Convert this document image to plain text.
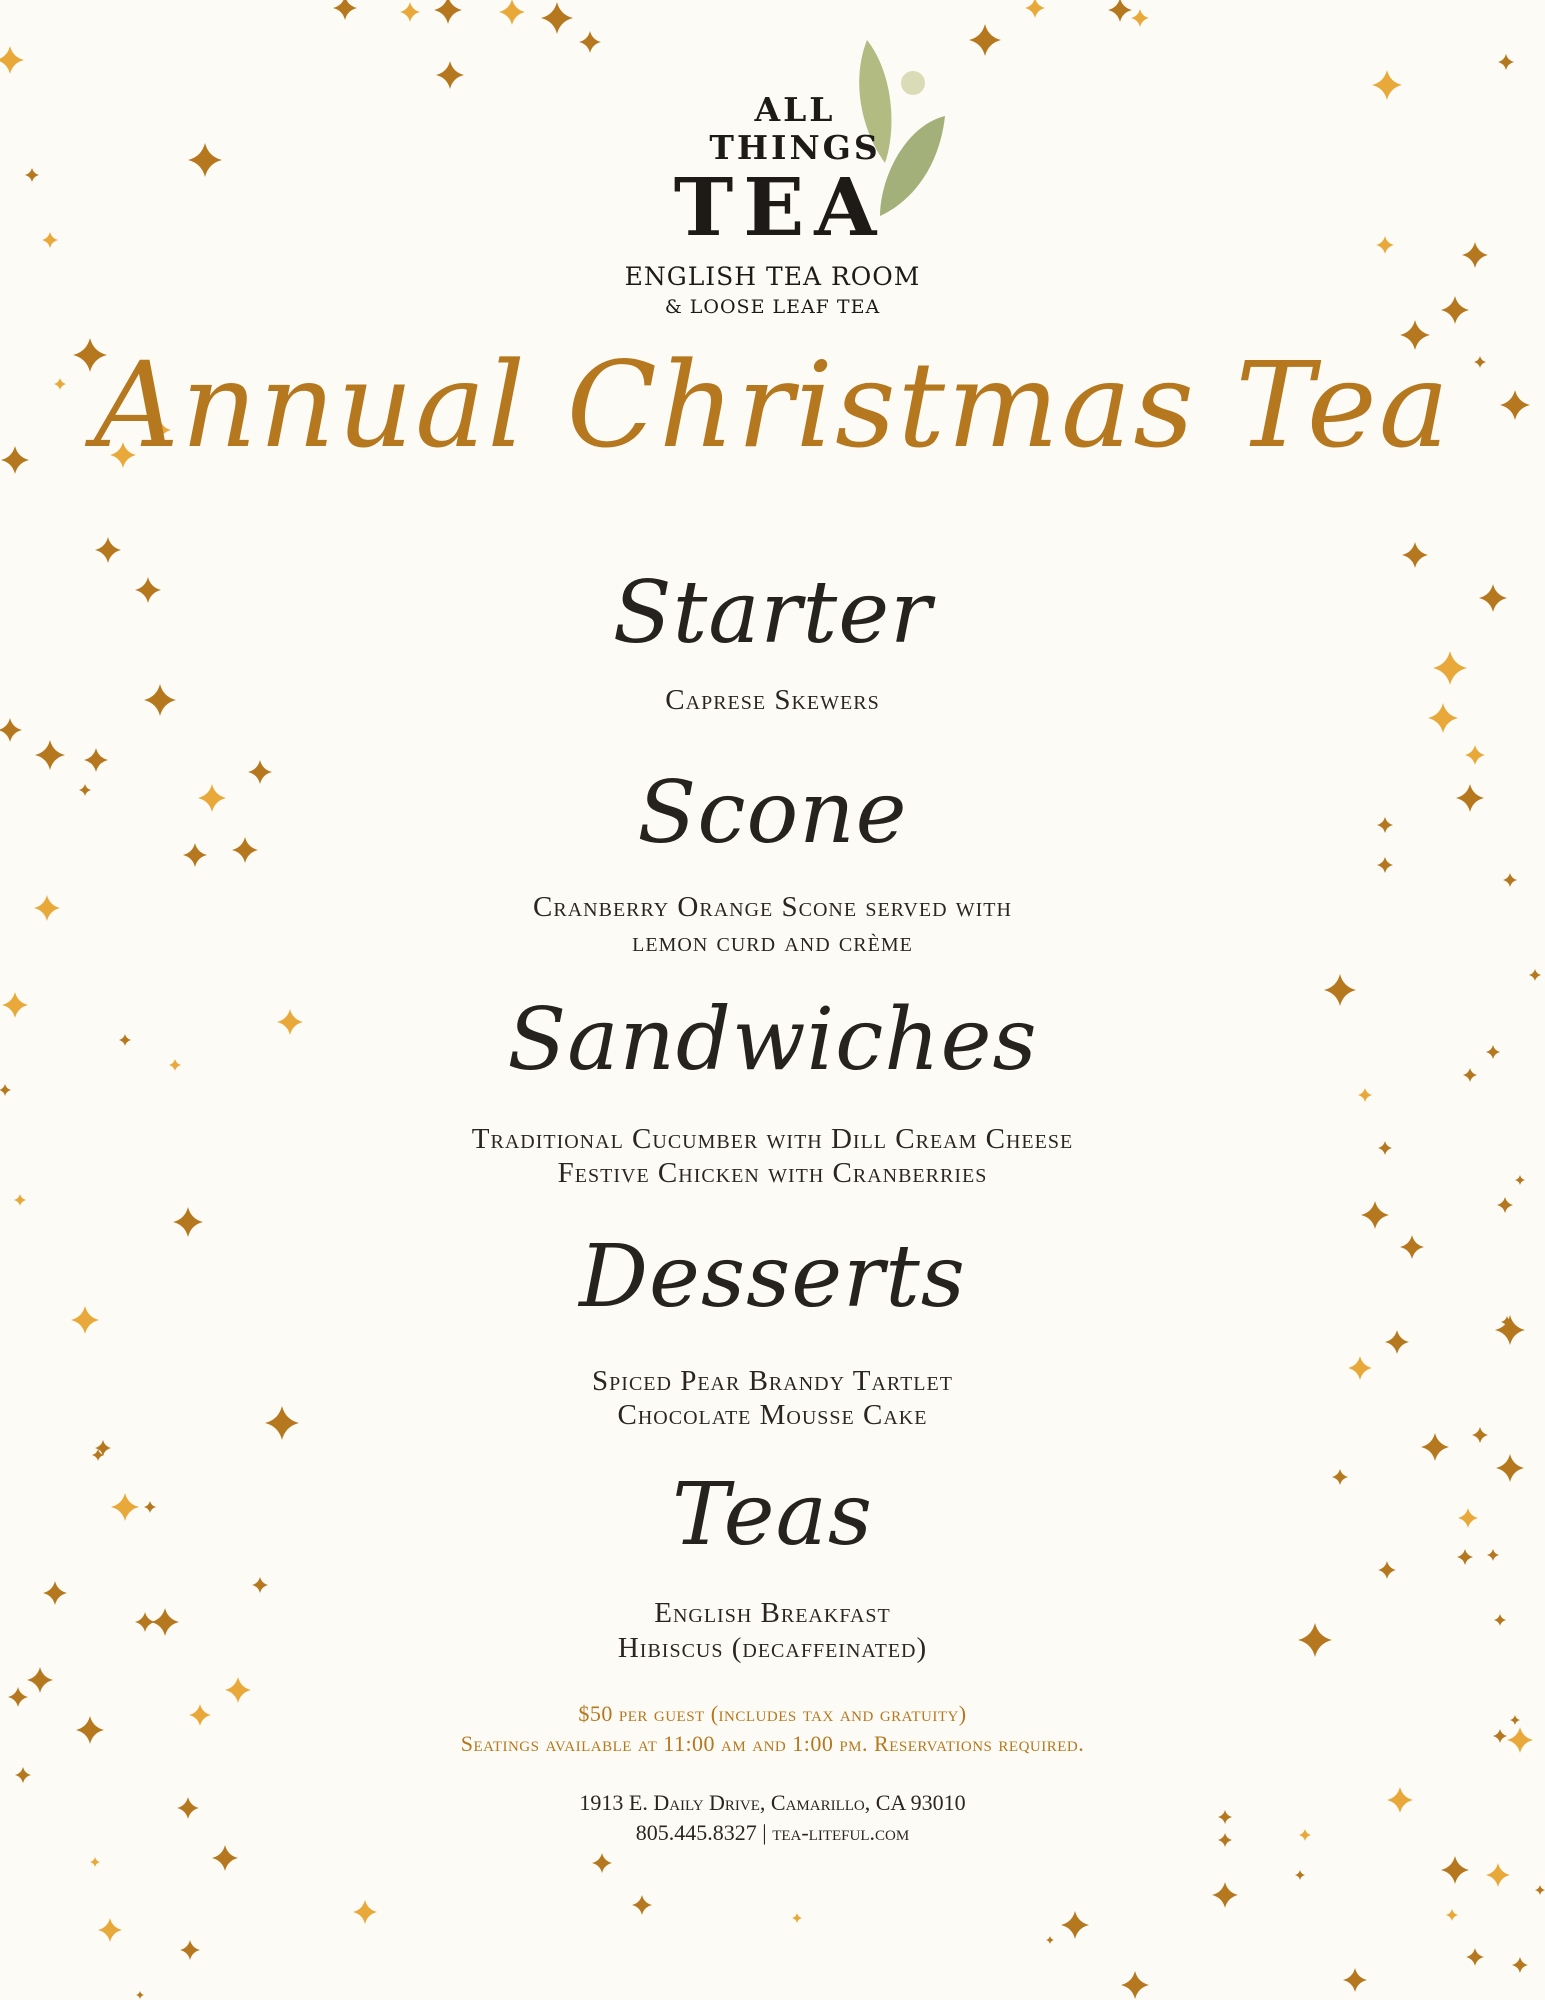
ALL
THINGS
TEA
ENGLISH TEA ROOM
& LOOSE LEAF TEA
Annual Christmas Tea
Starter
Caprese Skewers
Scone
Cranberry Orange Scone served with
lemon curd and crème
Sandwiches
Traditional Cucumber with Dill Cream Cheese
Festive Chicken with Cranberries
Desserts
Spiced Pear Brandy Tartlet
Chocolate Mousse Cake
Teas
English Breakfast
Hibiscus (decaffeinated)
$50 per guest (includes tax and gratuity)
Seatings available at 11:00 am and 1:00 pm. Reservations required.
1913 E. Daily Drive, Camarillo, CA 93010
805.445.8327 | tea-liteful.com
